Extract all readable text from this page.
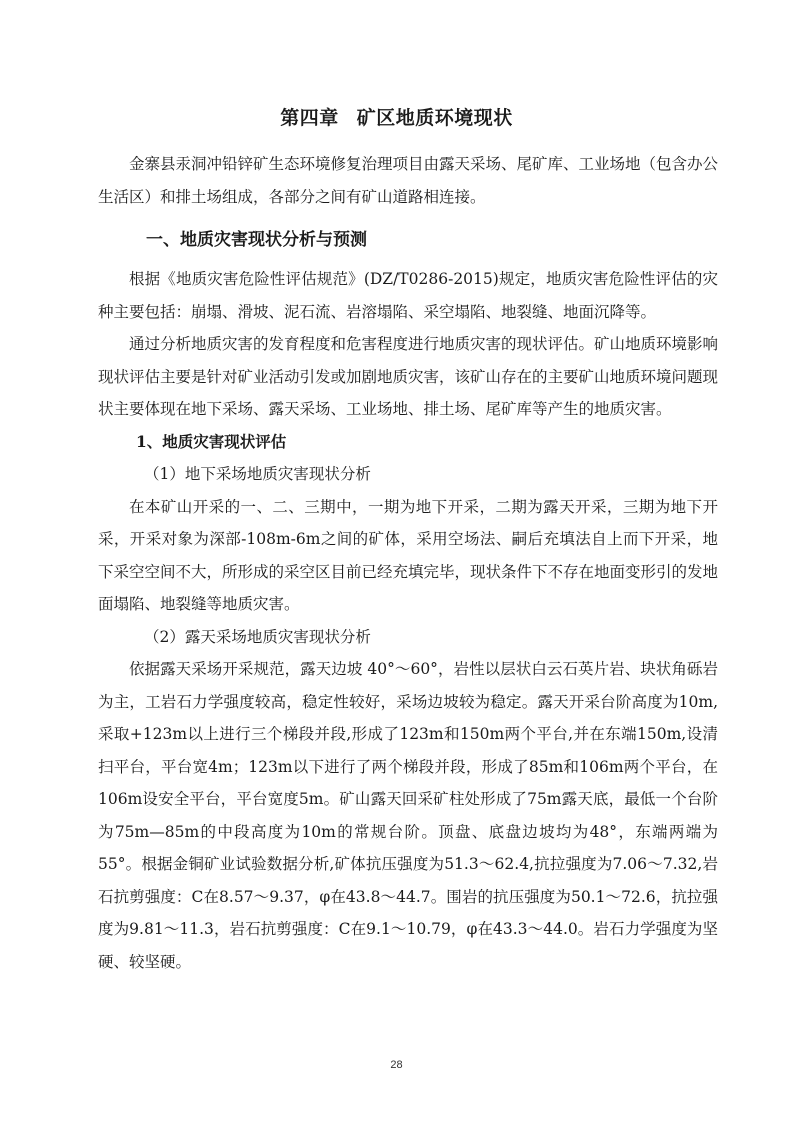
第四章 矿区地质环境现状

金寨县汞洞冲铅锌矿生态环境修复治理项目由露天采场、尾矿库、工业场地（包含办公生活区）和排土场组成，各部分之间有矿山道路相连接。

一、地质灾害现状分析与预测

根据《地质灾害危险性评估规范》(DZ/T0286-2015)规定，地质灾害危险性评估的灾种主要包括：崩塌、滑坡、泥石流、岩溶塌陷、采空塌陷、地裂缝、地面沉降等。

通过分析地质灾害的发育程度和危害程度进行地质灾害的现状评估。矿山地质环境影响现状评估主要是针对矿业活动引发或加剧地质灾害，该矿山存在的主要矿山地质环境问题现状主要体现在地下采场、露天采场、工业场地、排土场、尾矿库等产生的地质灾害。

1、地质灾害现状评估

（1）地下采场地质灾害现状分析

在本矿山开采的一、二、三期中，一期为地下开采，二期为露天开采，三期为地下开采，开采对象为深部-108m-6m之间的矿体，采用空场法、嗣后充填法自上而下开采，地下采空空间不大，所形成的采空区目前已经充填完毕，现状条件下不存在地面变形引的发地面塌陷、地裂缝等地质灾害。

（2）露天采场地质灾害现状分析

依据露天采场开采规范，露天边坡 40°～60°，岩性以层状白云石英片岩、块状角砾岩为主，工岩石力学强度较高，稳定性较好，采场边坡较为稳定。露天开采台阶高度为10m,采取+123m以上进行三个梯段并段,形成了123m和150m两个平台,并在东端150m,设清扫平台，平台宽4m；123m以下进行了两个梯段并段，形成了85m和106m两个平台，在106m设安全平台，平台宽度5m。矿山露天回采矿柱处形成了75m露天底，最低一个台阶为75m—85m的中段高度为10m的常规台阶。顶盘、底盘边坡均为48°，东端两端为55°。根据金铜矿业试验数据分析,矿体抗压强度为51.3～62.4,抗拉强度为7.06～7.32,岩石抗剪强度：C在8.57～9.37，φ在43.8～44.7。围岩的抗压强度为50.1～72.6，抗拉强度为9.81～11.3，岩石抗剪强度：C在9.1～10.79，φ在43.3～44.0。岩石力学强度为坚硬、较坚硬。

28
